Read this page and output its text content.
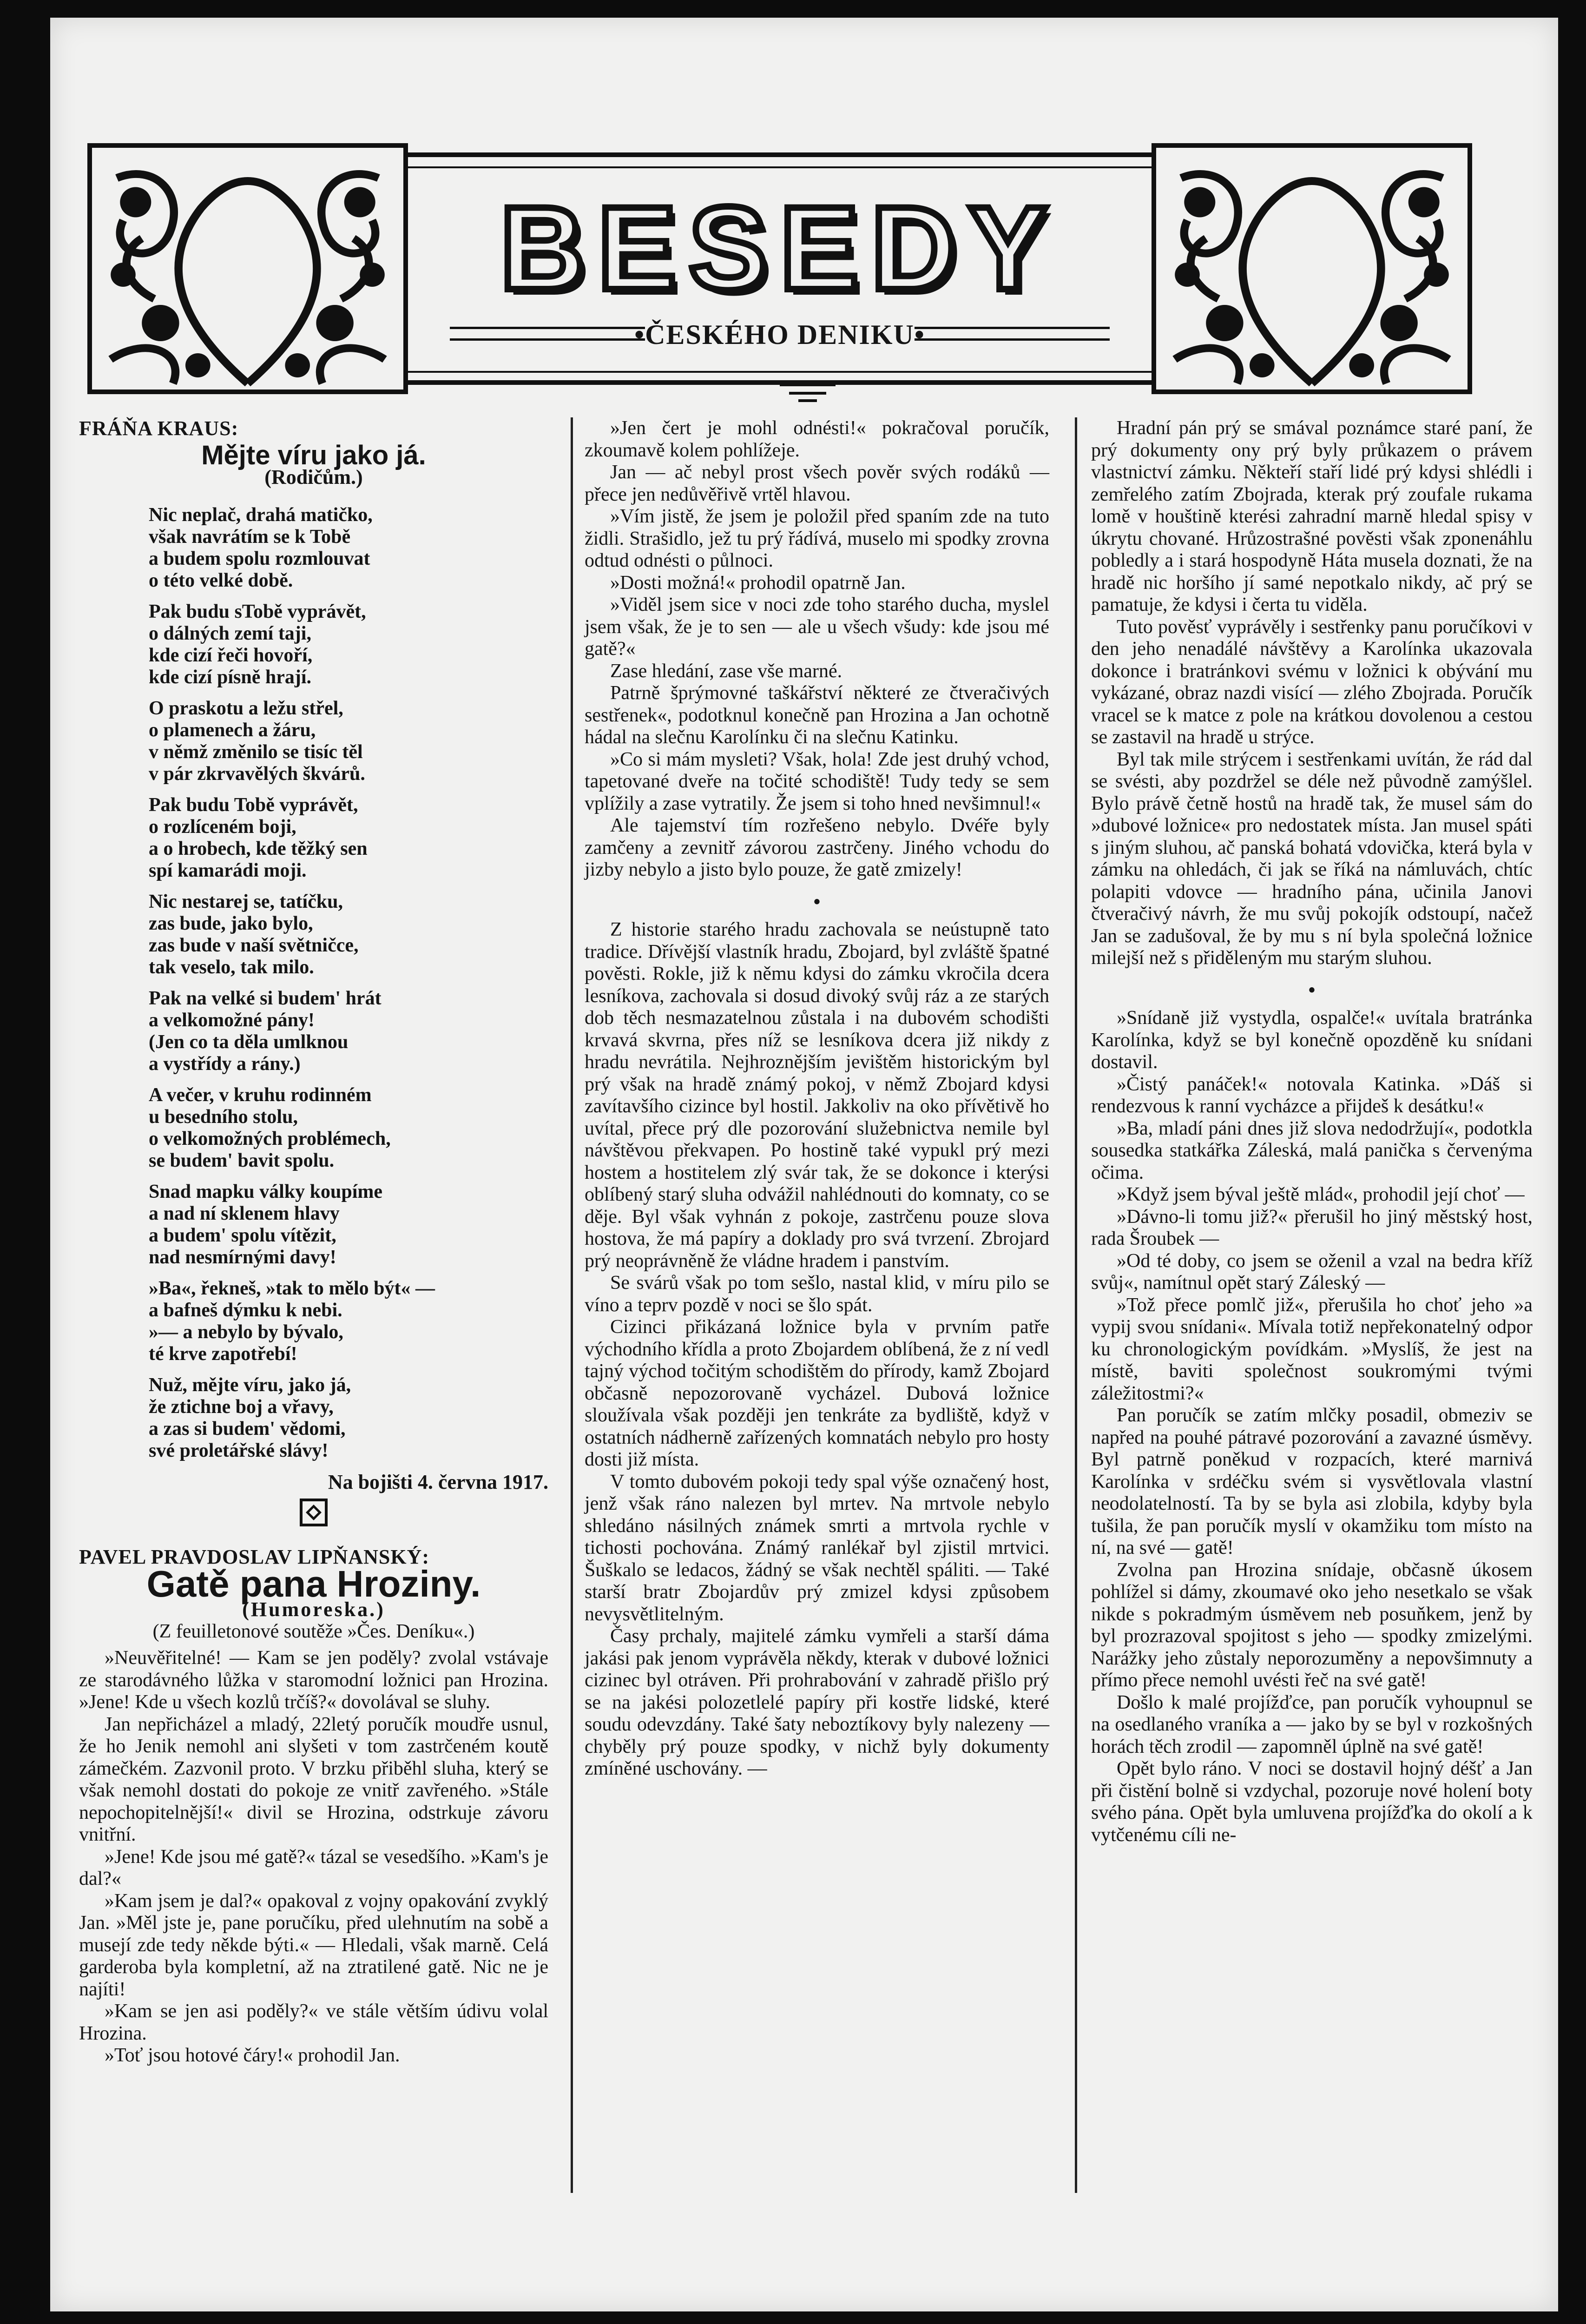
BESEDY
•ČESKÉHO DENIKU•
FRÁŇA KRAUS:
Mějte víru jako já.
(Rodičům.)
Nic neplač, drahá matičko,
však navrátím se k Tobě
a budem spolu rozmlouvat
o této velké době.
Pak budu sTobě vyprávět,
o dálných zemí taji,
kde cizí řeči hovoří,
kde cizí písně hrají.
O praskotu a ležu střel,
o plamenech a žáru,
v němž změnilo se tisíc těl
v pár zkrvavělých škvárů.
Pak budu Tobě vyprávět,
o rozlíceném boji,
a o hrobech, kde těžký sen
spí kamarádi moji.
Nic nestarej se, tatíčku,
zas bude, jako bylo,
zas bude v naší světničce,
tak veselo, tak milo.
Pak na velké si budem' hrát
a velkomožné pány!
(Jen co ta děla umlknou
a vystřídy a rány.)
A večer, v kruhu rodinném
u besedního stolu,
o velkomožných problémech,
se budem' bavit spolu.
Snad mapku války koupíme
a nad ní sklenem hlavy
a budem' spolu vítězit,
nad nesmírnými davy!
»Ba«, řekneš, »tak to mělo být« —
a bafneš dýmku k nebi.
»— a nebylo by bývalo,
té krve zapotřebí!
Nuž, mějte víru, jako já,
že ztichne boj a vřavy,
a zas si budem' vědomi,
své proletářské slávy!
Na bojišti 4. června 1917.
PAVEL PRAVDOSLAV LIPŇANSKÝ:
Gatě pana Hroziny.
(Humoreska.)
(Z feuilletonové soutěže »Čes. Deníku«.)

»Neuvěřitelné! — Kam se jen poděly? zvolal vstávaje ze starodávného lůžka v staromodní ložnici pan Hrozina. »Jene! Kde u všech kozlů trčíš?« dovolával se sluhy.

Jan nepřicházel a mladý, 22letý poručík moudře usnul, že ho Jenik nemohl ani slyšeti v tom zastrčeném koutě zámečkém. Zazvonil proto. V brzku přiběhl sluha, který se však nemohl dostati do pokoje ze vnitř zavřeného. »Stále nepochopitelnější!« divil se Hrozina, odstrkuje závoru vnitřní.

»Jene! Kde jsou mé gatě?« tázal se vesedšího. »Kam's je dal?«

»Kam jsem je dal?« opakoval z vojny opakování zvyklý Jan. »Měl jste je, pane poručíku, před ulehnutím na sobě a musejí zde tedy někde býti.« — Hledali, však marně. Celá garderoba byla kompletní, až na ztratilené gatě. Nic ne je najíti!

»Kam se jen asi poděly?« ve stále větším údivu volal Hrozina.

»Toť jsou hotové čáry!« prohodil Jan.

»Jen čert je mohl odnésti!« pokračoval poručík, zkoumavě kolem pohlížeje.

Jan — ač nebyl prost všech pověr svých rodáků — přece jen nedůvěřivě vrtěl hlavou.

»Vím jistě, že jsem je položil před spaním zde na tuto židli. Strašidlo, jež tu prý řádívá, muselo mi spodky zrovna odtud odnésti o půlnoci.

»Dosti možná!« prohodil opatrně Jan.

»Viděl jsem sice v noci zde toho starého ducha, myslel jsem však, že je to sen — ale u všech všudy: kde jsou mé gatě?«

Zase hledání, zase vše marné.

Patrně šprýmovné taškářství některé ze čtveračivých sestřenek«, podotknul konečně pan Hrozina a Jan ochotně hádal na slečnu Karolínku či na slečnu Katinku.

»Co si mám mysleti? Však, hola! Zde jest druhý vchod, tapetované dveře na točité schodiště! Tudy tedy se sem vplížily a zase vytratily. Že jsem si toho hned nevšimnul!«

Ale tajemství tím rozřešeno nebylo. Dvéře byly zamčeny a zevnitř závorou zastrčeny. Jiného vchodu do jizby nebylo a jisto bylo pouze, že gatě zmizely!

•

Z historie starého hradu zachovala se neústupně tato tradice. Dřívější vlastník hradu, Zbojard, byl zvláště špatné pověsti. Rokle, již k němu kdysi do zámku vkročila dcera lesníkova, zachovala si dosud divoký svůj ráz a ze starých dob těch nesmazatelnou zůstala i na dubovém schodišti krvavá skvrna, přes níž se lesníkova dcera již nikdy z hradu nevrátila. Nejhroznějším jevištěm historickým byl prý však na hradě známý pokoj, v němž Zbojard kdysi zavítavšího cizince byl hostil. Jakkoliv na oko přívětivě ho uvítal, přece prý dle pozorování služebnictva nemile byl návštěvou překvapen. Po hostině také vypukl prý mezi hostem a hostitelem zlý svár tak, že se dokonce i kterýsi oblíbený starý sluha odvážil nahlédnouti do komnaty, co se děje. Byl však vyhnán z pokoje, zastrčenu pouze slova hostova, že má papíry a doklady pro svá tvrzení. Zbrojard prý neoprávněně že vládne hradem i panstvím.

Se svárů však po tom sešlo, nastal klid, v míru pilo se víno a teprv pozdě v noci se šlo spát.

Cizinci přikázaná ložnice byla v prvním patře východního křídla a proto Zbojardem oblíbená, že z ní vedl tajný východ točitým schodištěm do přírody, kamž Zbojard občasně nepozorovaně vycházel. Dubová ložnice sloužívala však později jen tenkráte za bydliště, když v ostatních nádherně zařízených komnatách nebylo pro hosty dosti již místa.

V tomto dubovém pokoji tedy spal výše označený host, jenž však ráno nalezen byl mrtev. Na mrtvole nebylo shledáno násilných známek smrti a mrtvola rychle v tichosti pochována. Známý ranlékař byl zjistil mrtvici. Šuškalo se ledacos, žádný se však nechtěl spáliti. — Také starší bratr Zbojardův prý zmizel kdysi způsobem nevysvětlitelným.

Časy prchaly, majitelé zámku vymřeli a starší dáma jakási pak jenom vyprávěla někdy, kterak v dubové ložnici cizinec byl otráven. Při prohrabování v zahradě přišlo prý se na jakési polozetlelé papíry při kostře lidské, které soudu odevzdány. Také šaty neboztíkovy byly nalezeny — chyběly prý pouze spodky, v nichž byly dokumenty zmíněné uschovány. —

Hradní pán prý se smával poznámce staré paní, že prý dokumenty ony prý byly průkazem o právem vlastnictví zámku. Někteří staří lidé prý kdysi shlédli i zemřelého zatím Zbojrada, kterak prý zoufale rukama lomě v houštině kterési zahradní marně hledal spisy v úkrytu chované. Hrůzostrašné pověsti však zponenáhlu pobledly a i stará hospodyně Háta musela doznati, že na hradě nic horšího jí samé nepotkalo nikdy, ač prý se pamatuje, že kdysi i čerta tu viděla.

Tuto pověsť vyprávěly i sestřenky panu poručíkovi v den jeho nenadálé návštěvy a Karolínka ukazovala dokonce i bratránkovi svému v ložnici k obývání mu vykázané, obraz nazdi visící — zlého Zbojrada. Poručík vracel se k matce z pole na krátkou dovolenou a cestou se zastavil na hradě u strýce.

Byl tak mile strýcem i sestřenkami uvítán, že rád dal se svésti, aby pozdržel se déle než původně zamýšlel. Bylo právě četně hostů na hradě tak, že musel sám do »dubové ložnice« pro nedostatek místa. Jan musel spáti s jiným sluhou, ač panská bohatá vdovička, která byla v zámku na ohledách, či jak se říká na námluvách, chtíc polapiti vdovce — hradního pána, učinila Janovi čtveračivý návrh, že mu svůj pokojík odstoupí, načež Jan se zadušoval, že by mu s ní byla společná ložnice milejší než s přiděleným mu starým sluhou.

•

»Snídaně již vystydla, ospalče!« uvítala bratránka Karolínka, když se byl konečně opozděně ku snídani dostavil.

»Čistý panáček!« notovala Katinka. »Dáš si rendezvous k ranní vycházce a přijdeš k desátku!«

»Ba, mladí páni dnes již slova nedodržují«, podotkla sousedka statkářka Záleská, malá panička s červenýma očima.

»Když jsem býval ještě mlád«, prohodil její choť —

»Dávno-li tomu již?« přerušil ho jiný městský host, rada Šroubek —

»Od té doby, co jsem se oženil a vzal na bedra kříž svůj«, namítnul opět starý Záleský —

»Tož přece pomlč již«, přerušila ho choť jeho »a vypij svou snídani«. Mívala totiž nepřekonatelný odpor ku chronologickým povídkám. »Myslíš, že jest na místě, baviti společnost soukromými tvými záležitostmi?«

Pan poručík se zatím mlčky posadil, obmeziv se napřed na pouhé pátravé pozorování a zavazné úsměvy. Byl patrně poněkud v rozpacích, které marnivá Karolínka v srdéčku svém si vysvětlovala vlastní neodolatelností. Ta by se byla asi zlobila, kdyby byla tušila, že pan poručík myslí v okamžiku tom místo na ní, na své — gatě!

Zvolna pan Hrozina snídaje, občasně úkosem pohlížel si dámy, zkoumavé oko jeho nesetkalo se však nikde s pokradmým úsměvem neb posuňkem, jenž by byl prozrazoval spojitost s jeho — spodky zmizelými. Narážky jeho zůstaly neporozuměny a nepovšimnuty a přímo přece nemohl uvésti řeč na své gatě!

Došlo k malé projížďce, pan poručík vyhoupnul se na osedlaného vraníka a — jako by se byl v rozkošných horách těch zrodil — zapomněl úplně na své gatě!

Opět bylo ráno. V noci se dostavil hojný déšť a Jan při čistění bolně si vzdychal, pozoruje nové holení boty svého pána. Opět byla umluvena projížďka do okolí a k vytčenému cíli ne-
